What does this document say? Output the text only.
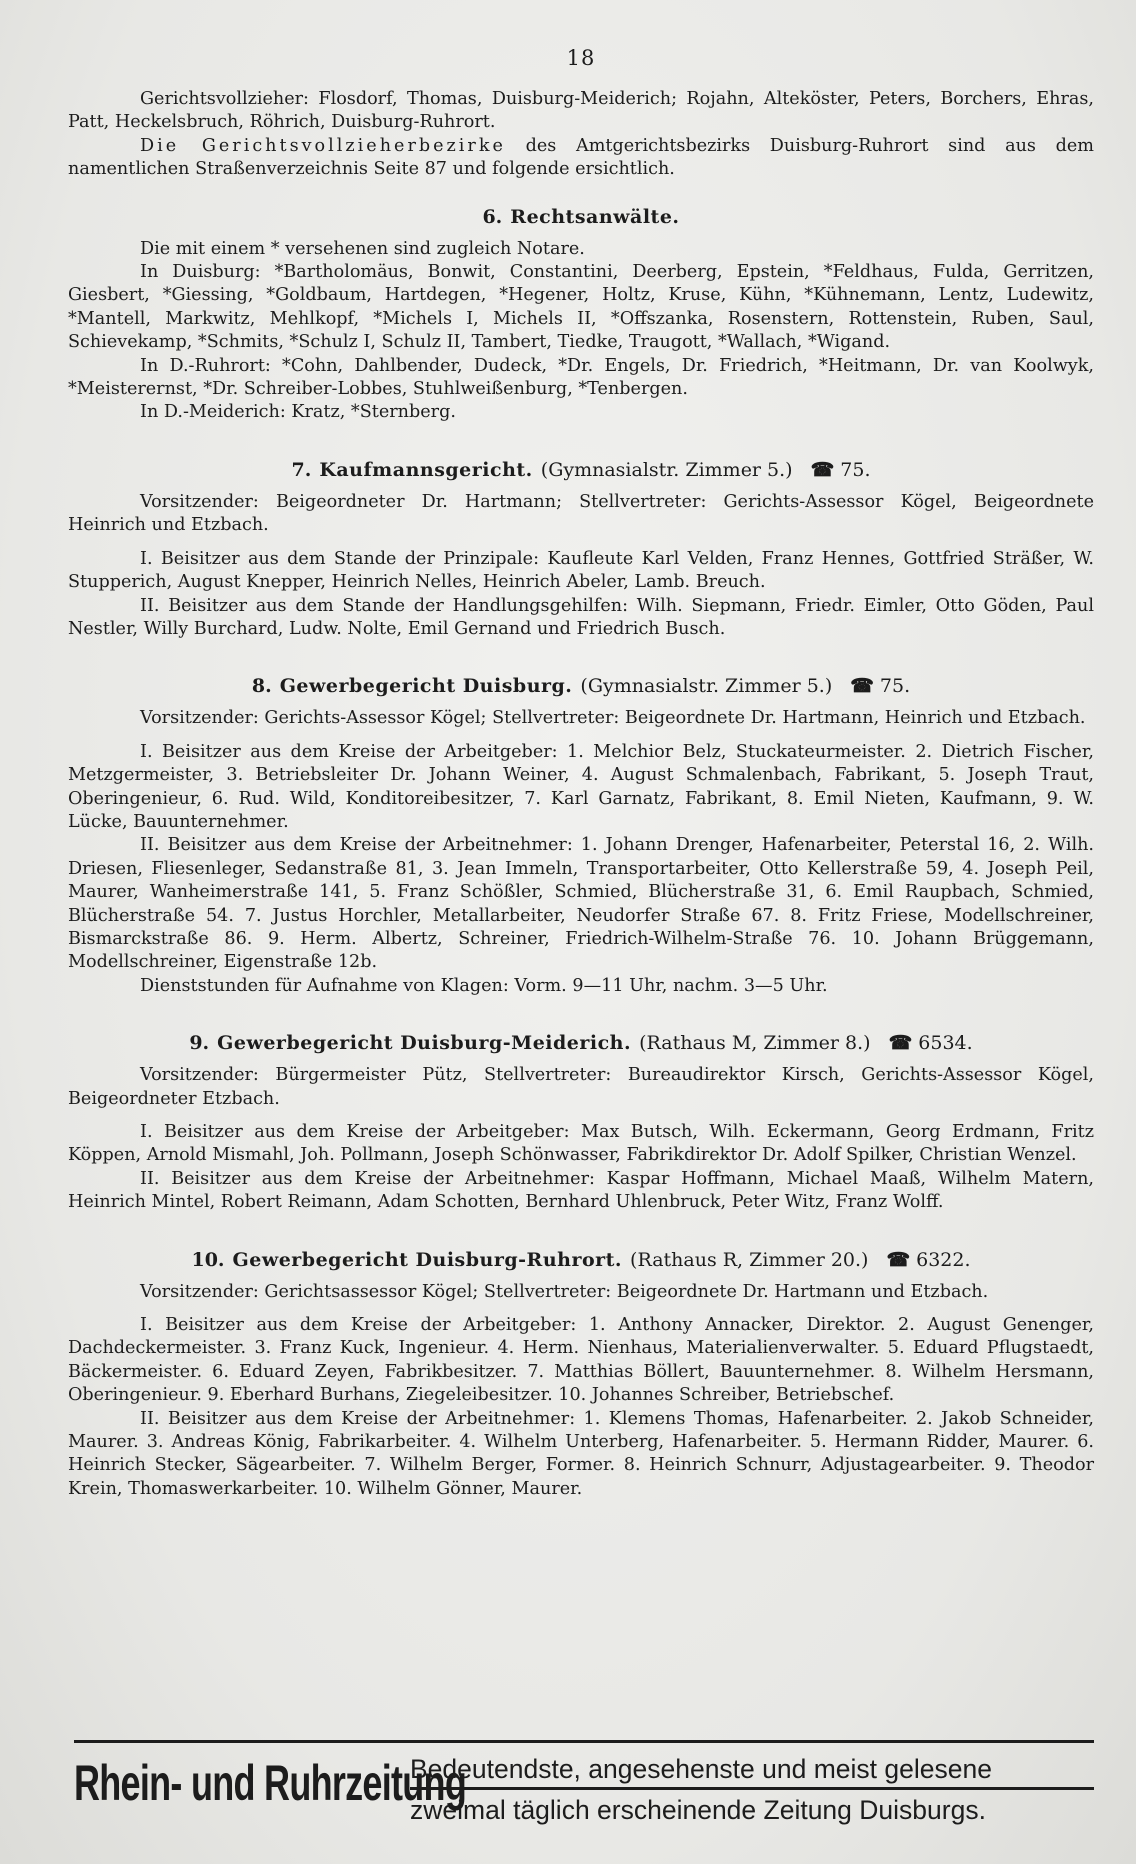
18

Gerichtsvollzieher: Flosdorf, Thomas, Duisburg-Meiderich; Rojahn, Alteköster, Peters, Borchers, Ehras, Patt, Heckelsbruch, Röhrich, Duisburg-Ruhrort.

Die Gerichtsvollzieherbezirke des Amtgerichtsbezirks Duisburg-Ruhrort sind aus dem namentlichen Straßenverzeichnis Seite 87 und folgende ersichtlich.

6. Rechtsanwälte.

Die mit einem * versehenen sind zugleich Notare.

In Duisburg: *Bartholomäus, Bonwit, Constantini, Deerberg, Epstein, *Feldhaus, Fulda, Gerritzen, Giesbert, *Giessing, *Goldbaum, Hartdegen, *Hegener, Holtz, Kruse, Kühn, *Kühnemann, Lentz, Ludewitz, *Mantell, Markwitz, Mehlkopf, *Michels I, Michels II, *Offszanka, Rosenstern, Rottenstein, Ruben, Saul, Schievekamp, *Schmits, *Schulz I, Schulz II, Tambert, Tiedke, Traugott, *Wallach, *Wigand.

In D.-Ruhrort: *Cohn, Dahlbender, Dudeck, *Dr. Engels, Dr. Friedrich, *Heitmann, Dr. van Koolwyk, *Meisterernst, *Dr. Schreiber-Lobbes, Stuhlweißenburg, *Tenbergen.

In D.-Meiderich: Kratz, *Sternberg.

7. Kaufmannsgericht. (Gymnasialstr. Zimmer 5.) ☎ 75.

Vorsitzender: Beigeordneter Dr. Hartmann; Stellvertreter: Gerichts-Assessor Kögel, Beigeordnete Heinrich und Etzbach.

I. Beisitzer aus dem Stande der Prinzipale: Kaufleute Karl Velden, Franz Hennes, Gottfried Sträßer, W. Stupperich, August Knepper, Heinrich Nelles, Heinrich Abeler, Lamb. Breuch.

II. Beisitzer aus dem Stande der Handlungsgehilfen: Wilh. Siepmann, Friedr. Eimler, Otto Göden, Paul Nestler, Willy Burchard, Ludw. Nolte, Emil Gernand und Friedrich Busch.

8. Gewerbegericht Duisburg. (Gymnasialstr. Zimmer 5.) ☎ 75.

Vorsitzender: Gerichts-Assessor Kögel; Stellvertreter: Beigeordnete Dr. Hartmann, Heinrich und Etzbach.

I. Beisitzer aus dem Kreise der Arbeitgeber: 1. Melchior Belz, Stuckateurmeister. 2. Dietrich Fischer, Metzgermeister, 3. Betriebsleiter Dr. Johann Weiner, 4. August Schmalenbach, Fabrikant, 5. Joseph Traut, Oberingenieur, 6. Rud. Wild, Konditoreibesitzer, 7. Karl Garnatz, Fabrikant, 8. Emil Nieten, Kaufmann, 9. W. Lücke, Bauunternehmer.

II. Beisitzer aus dem Kreise der Arbeitnehmer: 1. Johann Drenger, Hafenarbeiter, Peterstal 16, 2. Wilh. Driesen, Fliesenleger, Sedanstraße 81, 3. Jean Immeln, Transportarbeiter, Otto Kellerstraße 59, 4. Joseph Peil, Maurer, Wanheimerstraße 141, 5. Franz Schößler, Schmied, Blücherstraße 31, 6. Emil Raupbach, Schmied, Blücherstraße 54. 7. Justus Horchler, Metallarbeiter, Neudorfer Straße 67. 8. Fritz Friese, Modellschreiner, Bismarckstraße 86. 9. Herm. Albertz, Schreiner, Friedrich-Wilhelm-Straße 76. 10. Johann Brüggemann, Modellschreiner, Eigenstraße 12b.

Dienststunden für Aufnahme von Klagen: Vorm. 9—11 Uhr, nachm. 3—5 Uhr.

9. Gewerbegericht Duisburg-Meiderich. (Rathaus M, Zimmer 8.) ☎ 6534.

Vorsitzender: Bürgermeister Pütz, Stellvertreter: Bureaudirektor Kirsch, Gerichts-Assessor Kögel, Beigeordneter Etzbach.

I. Beisitzer aus dem Kreise der Arbeitgeber: Max Butsch, Wilh. Eckermann, Georg Erdmann, Fritz Köppen, Arnold Mismahl, Joh. Pollmann, Joseph Schönwasser, Fabrikdirektor Dr. Adolf Spilker, Christian Wenzel.

II. Beisitzer aus dem Kreise der Arbeitnehmer: Kaspar Hoffmann, Michael Maaß, Wilhelm Matern, Heinrich Mintel, Robert Reimann, Adam Schotten, Bernhard Uhlenbruck, Peter Witz, Franz Wolff.

10. Gewerbegericht Duisburg-Ruhrort. (Rathaus R, Zimmer 20.) ☎ 6322.

Vorsitzender: Gerichtsassessor Kögel; Stellvertreter: Beigeordnete Dr. Hartmann und Etzbach.

I. Beisitzer aus dem Kreise der Arbeitgeber: 1. Anthony Annacker, Direktor. 2. August Genenger, Dachdeckermeister. 3. Franz Kuck, Ingenieur. 4. Herm. Nienhaus, Materialienverwalter. 5. Eduard Pflugstaedt, Bäckermeister. 6. Eduard Zeyen, Fabrikbesitzer. 7. Matthias Böllert, Bauunternehmer. 8. Wilhelm Hersmann, Oberingenieur. 9. Eberhard Burhans, Ziegeleibesitzer. 10. Johannes Schreiber, Betriebschef.

II. Beisitzer aus dem Kreise der Arbeitnehmer: 1. Klemens Thomas, Hafenarbeiter. 2. Jakob Schneider, Maurer. 3. Andreas König, Fabrikarbeiter. 4. Wilhelm Unterberg, Hafenarbeiter. 5. Hermann Ridder, Maurer. 6. Heinrich Stecker, Sägearbeiter. 7. Wilhelm Berger, Former. 8. Heinrich Schnurr, Adjustagearbeiter. 9. Theodor Krein, Thomaswerkarbeiter. 10. Wilhelm Gönner, Maurer.

Rhein- und Ruhrzeitung
Bedeutendste, angesehenste und meist gelesene
zweimal täglich erscheinende Zeitung Duisburgs.
